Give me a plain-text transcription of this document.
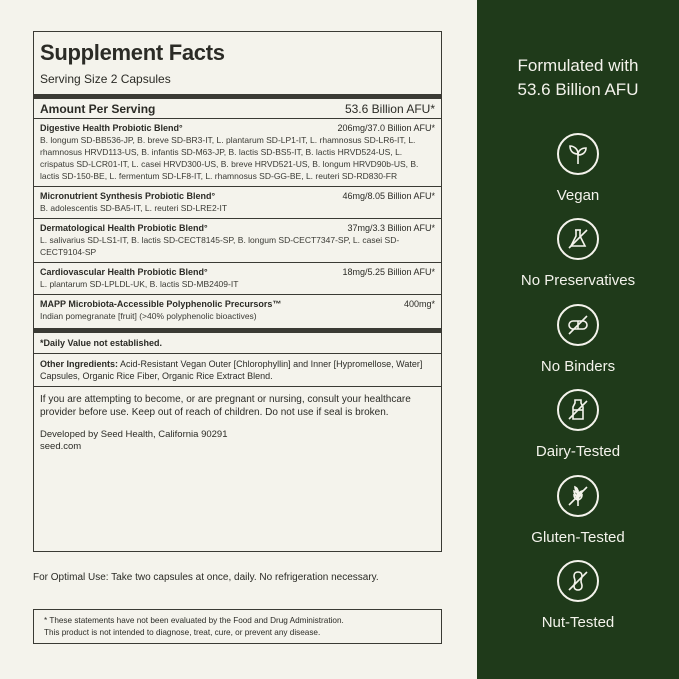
Supplement Facts
Serving Size 2 Capsules
Amount Per Serving	53.6 Billion AFU*
Digestive Health Probiotic Blend°	206mg/37.0 Billion AFU*
B. longum SD-BB536-JP, B. breve SD-BR3-IT, L. plantarum SD-LP1-IT, L. rhamnosus SD-LR6-IT, L. rhamnosus HRVD113-US, B. infantis SD-M63-JP, B. lactis SD-BS5-IT, B. lactis HRVD524-US, L. crispatus SD-LCR01-IT, L. casei HRVD300-US, B. breve HRVD521-US, B. longum HRVD90b-US, B. lactis SD-150-BE, L. fermentum SD-LF8-IT, L. rhamnosus SD-GG-BE, L. reuteri SD-RD830-FR
Micronutrient Synthesis Probiotic Blend°	46mg/8.05 Billion AFU*
B. adolescentis SD-BA5-IT, L. reuteri SD-LRE2-IT
Dermatological Health Probiotic Blend°	37mg/3.3 Billion AFU*
L. salivarius SD-LS1-IT, B. lactis SD-CECT8145-SP, B. longum SD-CECT7347-SP, L. casei SD-CECT9104-SP
Cardiovascular Health Probiotic Blend°	18mg/5.25 Billion AFU*
L. plantarum SD-LPLDL-UK, B. lactis SD-MB2409-IT
MAPP Microbiota-Accessible Polyphenolic Precursors™	400mg*
Indian pomegranate [fruit] (>40% polyphenolic bioactives)
*Daily Value not established.
Other Ingredients: Acid-Resistant Vegan Outer [Chlorophyllin] and Inner [Hypromellose, Water] Capsules, Organic Rice Fiber, Organic Rice Extract Blend.
If you are attempting to become, or are pregnant or nursing, consult your healthcare provider before use. Keep out of reach of children. Do not use if seal is broken.
Developed by Seed Health, California 90291
seed.com
For Optimal Use: Take two capsules at once, daily. No refrigeration necessary.
* These statements have not been evaluated by the Food and Drug Administration.
This product is not intended to diagnose, treat, cure, or prevent any disease.
Formulated with
53.6 Billion AFU
Vegan
No Preservatives
No Binders
Dairy-Tested
Gluten-Tested
Nut-Tested
